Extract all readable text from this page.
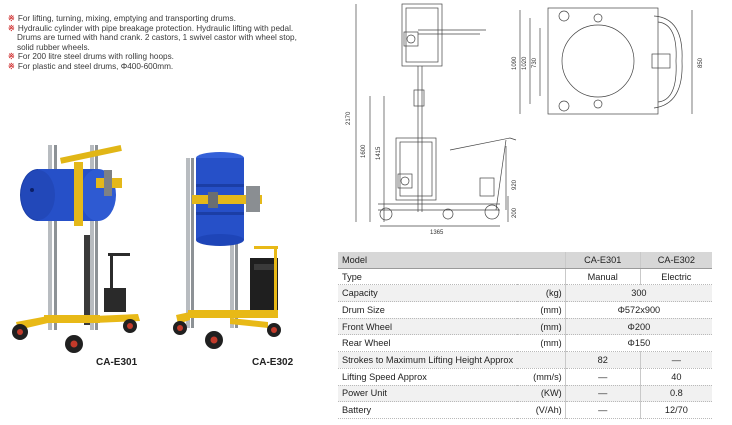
※ For lifting, turning, mixing, emptying and transporting drums.
※ Hydraulic cylinder with pipe breakage protection. Hydraulic lifting with pedal.
Drums are turned with hand crank. 2 castors, 1 swivel castor with wheel stop,
solid rubber wheels.
※ For 200 litre steel drums with rolling hoops.
※ For plastic and steel drums, Φ400-600mm.
CA-E301	CA-E302
2170
1600 1415
1365
920
200
1090 1020 730	850
Model		CA-E301	CA-E302
Type		Manual	Electric
Capacity	(kg)	300	
Drum Size	(mm)	Φ572x900	
Front Wheel	(mm)	Φ200	
Rear Wheel	(mm)	Φ150	
Strokes to Maximum Lifting Height Approx		82	—
Lifting Speed Approx	(mm/s)	—	40
Power Unit	(KW)	—	0.8
Battery	(V/Ah)	—	12/70
